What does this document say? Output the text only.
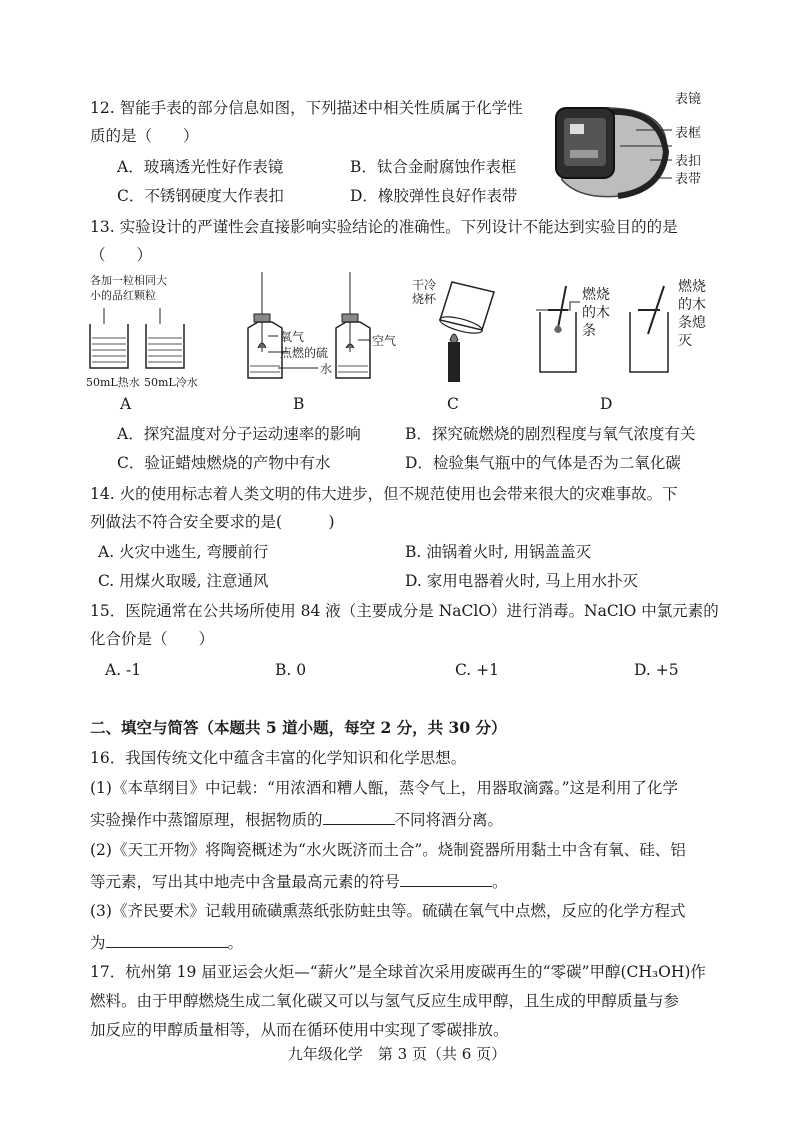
12. 智能手表的部分信息如图，下列描述中相关性质属于化学性
质的是（　　）
A．玻璃透光性好作表镜	B．钛合金耐腐蚀作表框
C．不锈钢硬度大作表扣	D．橡胶弹性良好作表带
表镜
表框
表扣
表带
13. 实验设计的严谨性会直接影响实验结论的准确性。下列设计不能达到实验目的的是
（　　）
各加一粒相同大
小的品红颗粒
50mL热水 50mL冷水
氧气
点燃的硫
空气
水
干冷
烧杯	燃烧
的木
条
燃烧
的木
条熄
灭
A	B	C	D
A．探究温度对分子运动速率的影响	B．探究硫燃烧的剧烈程度与氧气浓度有关
C．验证蜡烛燃烧的产物中有水	D．检验集气瓶中的气体是否为二氧化碳
14. 火的使用标志着人类文明的伟大进步，但不规范使用也会带来很大的灾难事故。下
列做法不符合安全要求的是(　　　)
A. 火灾中逃生, 弯腰前行	B. 油锅着火时, 用锅盖盖灭
C. 用煤火取暖, 注意通风	D. 家用电器着火时, 马上用水扑灭
15．医院通常在公共场所使用 84 液（主要成分是 NaClO）进行消毒。NaClO 中氯元素的
化合价是（　　）
A. -1	B. 0	C. +1	D. +5
二、填空与简答（本题共 5 道小题，每空 2 分，共 30 分）
16．我国传统文化中蕴含丰富的化学知识和化学思想。
(1)《本草纲目》中记载：“用浓酒和糟人甑，蒸令气上，用器取滴露。”这是利用了化学
实验操作中蒸馏原理，根据物质的	不同将酒分离。
(2)《天工开物》将陶瓷概述为“水火既济而土合”。烧制瓷器所用黏土中含有氧、硅、铝
等元素，写出其中地壳中含量最高元素的符号	。
(3)《齐民要术》记载用硫磺熏蒸纸张防蛀虫等。硫磺在氧气中点燃，反应的化学方程式
为	。
17．杭州第 19 届亚运会火炬—“薪火”是全球首次采用废碳再生的“零碳”甲醇(CH₃OH)作
燃料。由于甲醇燃烧生成二氧化碳又可以与氢气反应生成甲醇，且生成的甲醇质量与参
加反应的甲醇质量相等，从而在循环使用中实现了零碳排放。
九年级化学　第 3 页（共 6 页）
